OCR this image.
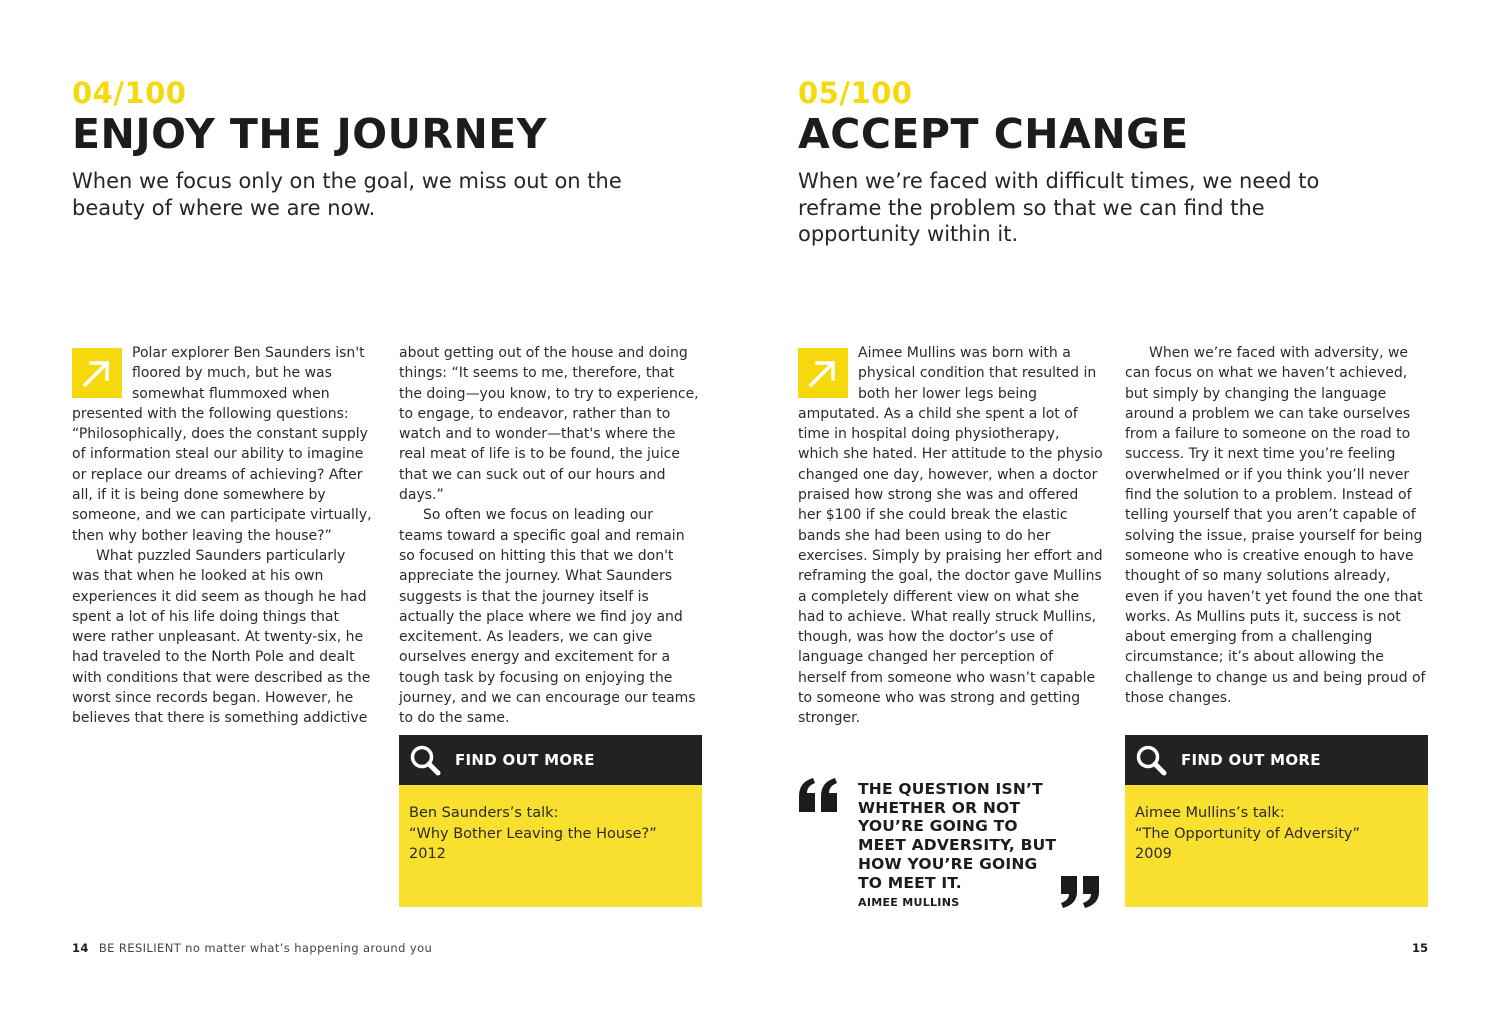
04/100
ENJOY THE JOURNEY
When we focus only on the goal, we miss out on the beauty of where we are now.

Polar explorer Ben Saunders isn't floored by much, but he was somewhat flummoxed when presented with the following questions: “Philosophically, does the constant supply of information steal our ability to imagine or replace our dreams of achieving? After all, if it is being done somewhere by someone, and we can participate virtually, then why bother leaving the house?”

What puzzled Saunders particularly was that when he looked at his own experiences it did seem as though he had spent a lot of his life doing things that were rather unpleasant. At twenty-six, he had traveled to the North Pole and dealt with conditions that were described as the worst since records began. However, he believes that there is something addictive

about getting out of the house and doing things: “It seems to me, therefore, that the doing—you know, to try to experience, to engage, to endeavor, rather than to watch and to wonder—that's where the real meat of life is to be found, the juice that we can suck out of our hours and days.”

So often we focus on leading our teams toward a specific goal and remain so focused on hitting this that we don't appreciate the journey. What Saunders suggests is that the journey itself is actually the place where we find joy and excitement. As leaders, we can give ourselves energy and excitement for a tough task by focusing on enjoying the journey, and we can encourage our teams to do the same.

FIND OUT MORE
Ben Saunders’s talk:
“Why Bother Leaving the House?”
2012
05/100
ACCEPT CHANGE
When we’re faced with difficult times, we need to reframe the problem so that we can find the opportunity within it.

Aimee Mullins was born with a physical condition that resulted in both her lower legs being amputated. As a child she spent a lot of time in hospital doing physiotherapy, which she hated. Her attitude to the physio changed one day, however, when a doctor praised how strong she was and offered her $100 if she could break the elastic bands she had been using to do her exercises. Simply by praising her effort and reframing the goal, the doctor gave Mullins a completely different view on what she had to achieve. What really struck Mullins, though, was how the doctor’s use of language changed her perception of herself from someone who wasn’t capable to someone who was strong and getting stronger.

When we’re faced with adversity, we can focus on what we haven’t achieved, but simply by changing the language around a problem we can take ourselves from a failure to someone on the road to success. Try it next time you’re feeling overwhelmed or if you think you’ll never find the solution to a problem. Instead of telling yourself that you aren’t capable of solving the issue, praise yourself for being someone who is creative enough to have thought of so many solutions already, even if you haven’t yet found the one that works. As Mullins puts it, success is not about emerging from a challenging circumstance; it’s about allowing the challenge to change us and being proud of those changes.

THE QUESTION ISN’T WHETHER OR NOT YOU’RE GOING TO MEET ADVERSITY, BUT HOW YOU’RE GOING TO MEET IT.
AIMEE MULLINS
FIND OUT MORE
Aimee Mullins’s talk:
“The Opportunity of Adversity”
2009
14 BE RESILIENT no matter what’s happening around you	15
